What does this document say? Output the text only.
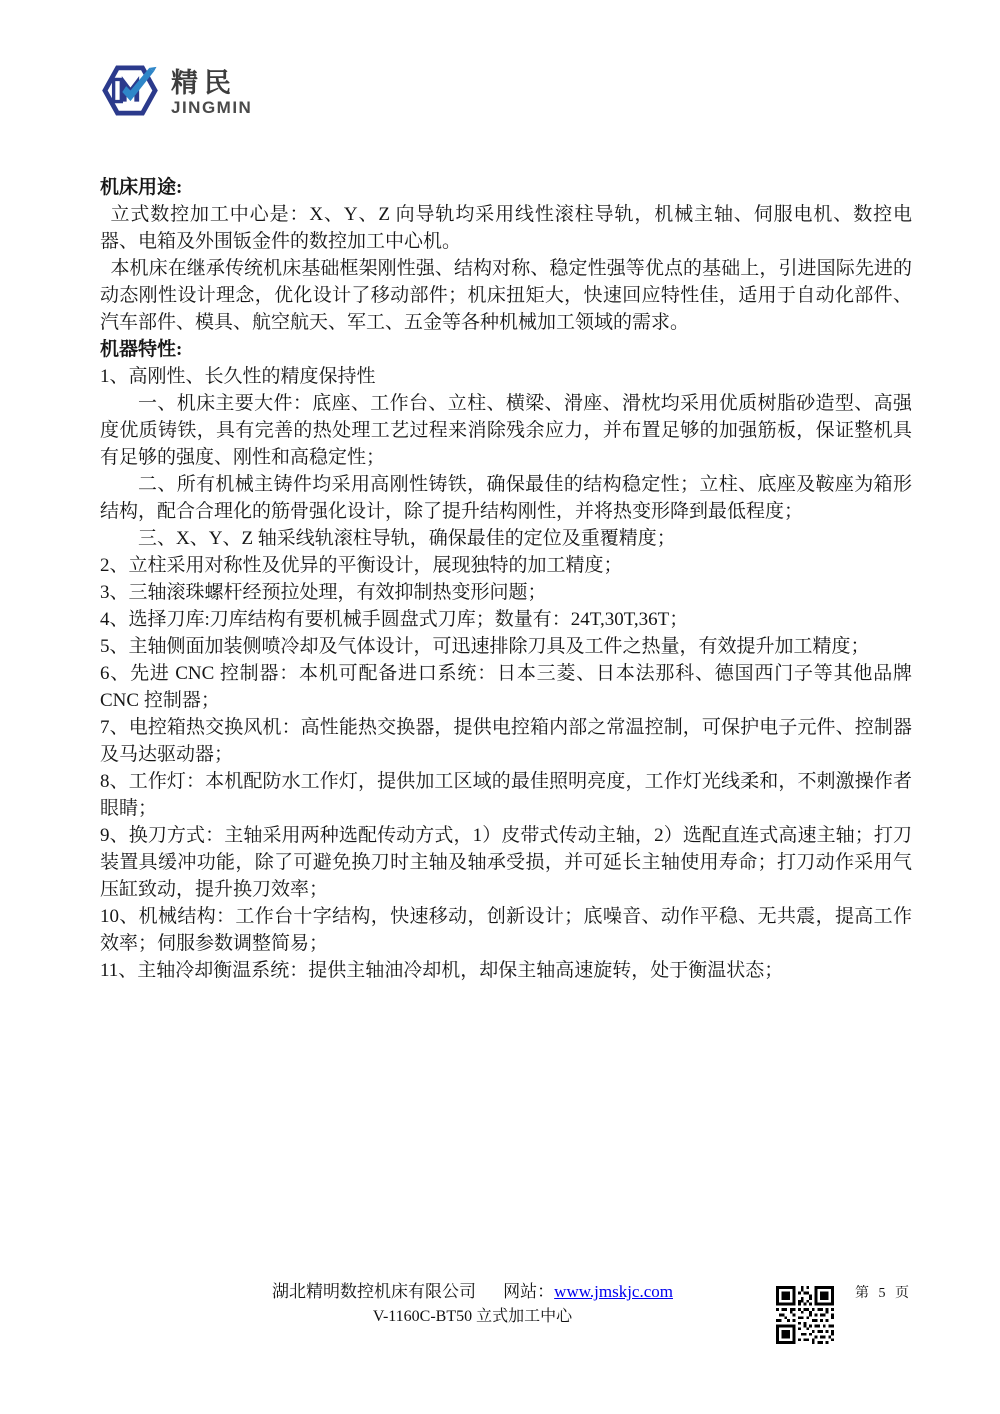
精民
JINGMIN
机床用途:

立式数控加工中心是：X、Y、Z 向导轨均采用线性滚柱导轨，机械主轴、伺服电机、数控电器、电箱及外围钣金件的数控加工中心机。

本机床在继承传统机床基础框架刚性强、结构对称、稳定性强等优点的基础上，引进国际先进的动态刚性设计理念，优化设计了移动部件；机床扭矩大，快速回应特性佳，适用于自动化部件、汽车部件、模具、航空航天、军工、五金等各种机械加工领域的需求。

机器特性:

1、高刚性、长久性的精度保持性

一、机床主要大件：底座、工作台、立柱、横梁、滑座、滑枕均采用优质树脂砂造型、高强度优质铸铁，具有完善的热处理工艺过程来消除残余应力，并布置足够的加强筋板，保证整机具有足够的强度、刚性和高稳定性；

二、所有机械主铸件均采用高刚性铸铁，确保最佳的结构稳定性；立柱、底座及鞍座为箱形结构，配合合理化的筋骨强化设计，除了提升结构刚性，并将热变形降到最低程度；

三、X、Y、Z 轴采线轨滚柱导轨，确保最佳的定位及重覆精度；

2、立柱采用对称性及优异的平衡设计，展现独特的加工精度；

3、三轴滚珠螺杆经预拉处理，有效抑制热变形问题；

4、选择刀库:刀库结构有要机械手圆盘式刀库；数量有：24T,30T,36T；

5、主轴侧面加装侧喷冷却及气体设计，可迅速排除刀具及工件之热量，有效提升加工精度；

6、先进 CNC 控制器：本机可配备进口系统：日本三菱、日本法那科、德国西门子等其他品牌 CNC 控制器；

7、电控箱热交换风机：高性能热交换器，提供电控箱内部之常温控制，可保护电子元件、控制器及马达驱动器；

8、工作灯：本机配防水工作灯，提供加工区域的最佳照明亮度，工作灯光线柔和，不刺激操作者眼睛；

9、换刀方式：主轴采用两种选配传动方式，1）皮带式传动主轴，2）选配直连式高速主轴；打刀装置具缓冲功能，除了可避免换刀时主轴及轴承受损，并可延长主轴使用寿命；打刀动作采用气压缸致动，提升换刀效率；

10、机械结构：工作台十字结构，快速移动，创新设计；底噪音、动作平稳、无共震，提高工作效率；伺服参数调整简易；

11、主轴冷却衡温系统：提供主轴油冷却机，却保主轴高速旋转，处于衡温状态；

湖北精明数控机床有限公司 网站：www.jmskjc.com
V-1160C-BT50 立式加工中心
第 5 页
